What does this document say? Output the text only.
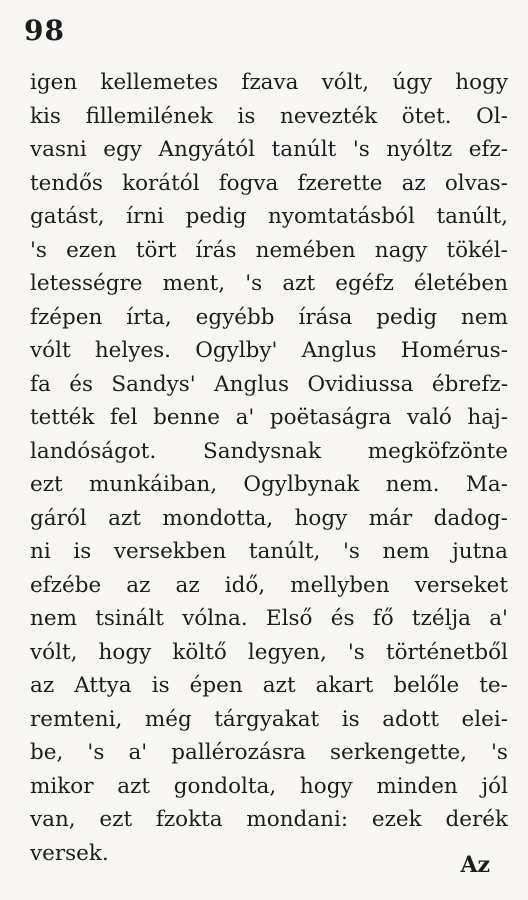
98
igen kellemetes fzava vólt, úgy hogy
kis fillemilének is nevezték ötet. Ol-
vasni egy Angyától tanúlt 's nyóltz efz-
tendős korától fogva fzerette az olvas-
gatást, írni pedig nyomtatásból tanúlt,
's ezen tört írás nemében nagy tökél-
letességre ment, 's azt egéfz életében
fzépen írta, egyébb írása pedig nem
vólt helyes. Ogylby' Anglus Homérus-
fa és Sandys' Anglus Ovidiussa ébrefz-
tették fel benne a' poëtaságra való haj-
landóságot. Sandysnak megköfzönte
ezt munkáiban, Ogylbynak nem. Ma-
gáról azt mondotta, hogy már dadog-
ni is versekben tanúlt, 's nem jutna
efzébe az az idő, mellyben verseket
nem tsinált vólna. Első és fő tzélja a'
vólt, hogy költő legyen, 's történetből
az Attya is épen azt akart belőle te-
remteni, még tárgyakat is adott elei-
be, 's a' pallérozásra serkengette, 's
mikor azt gondolta, hogy minden jól
van, ezt fzokta mondani: ezek derék
versek.	Az
